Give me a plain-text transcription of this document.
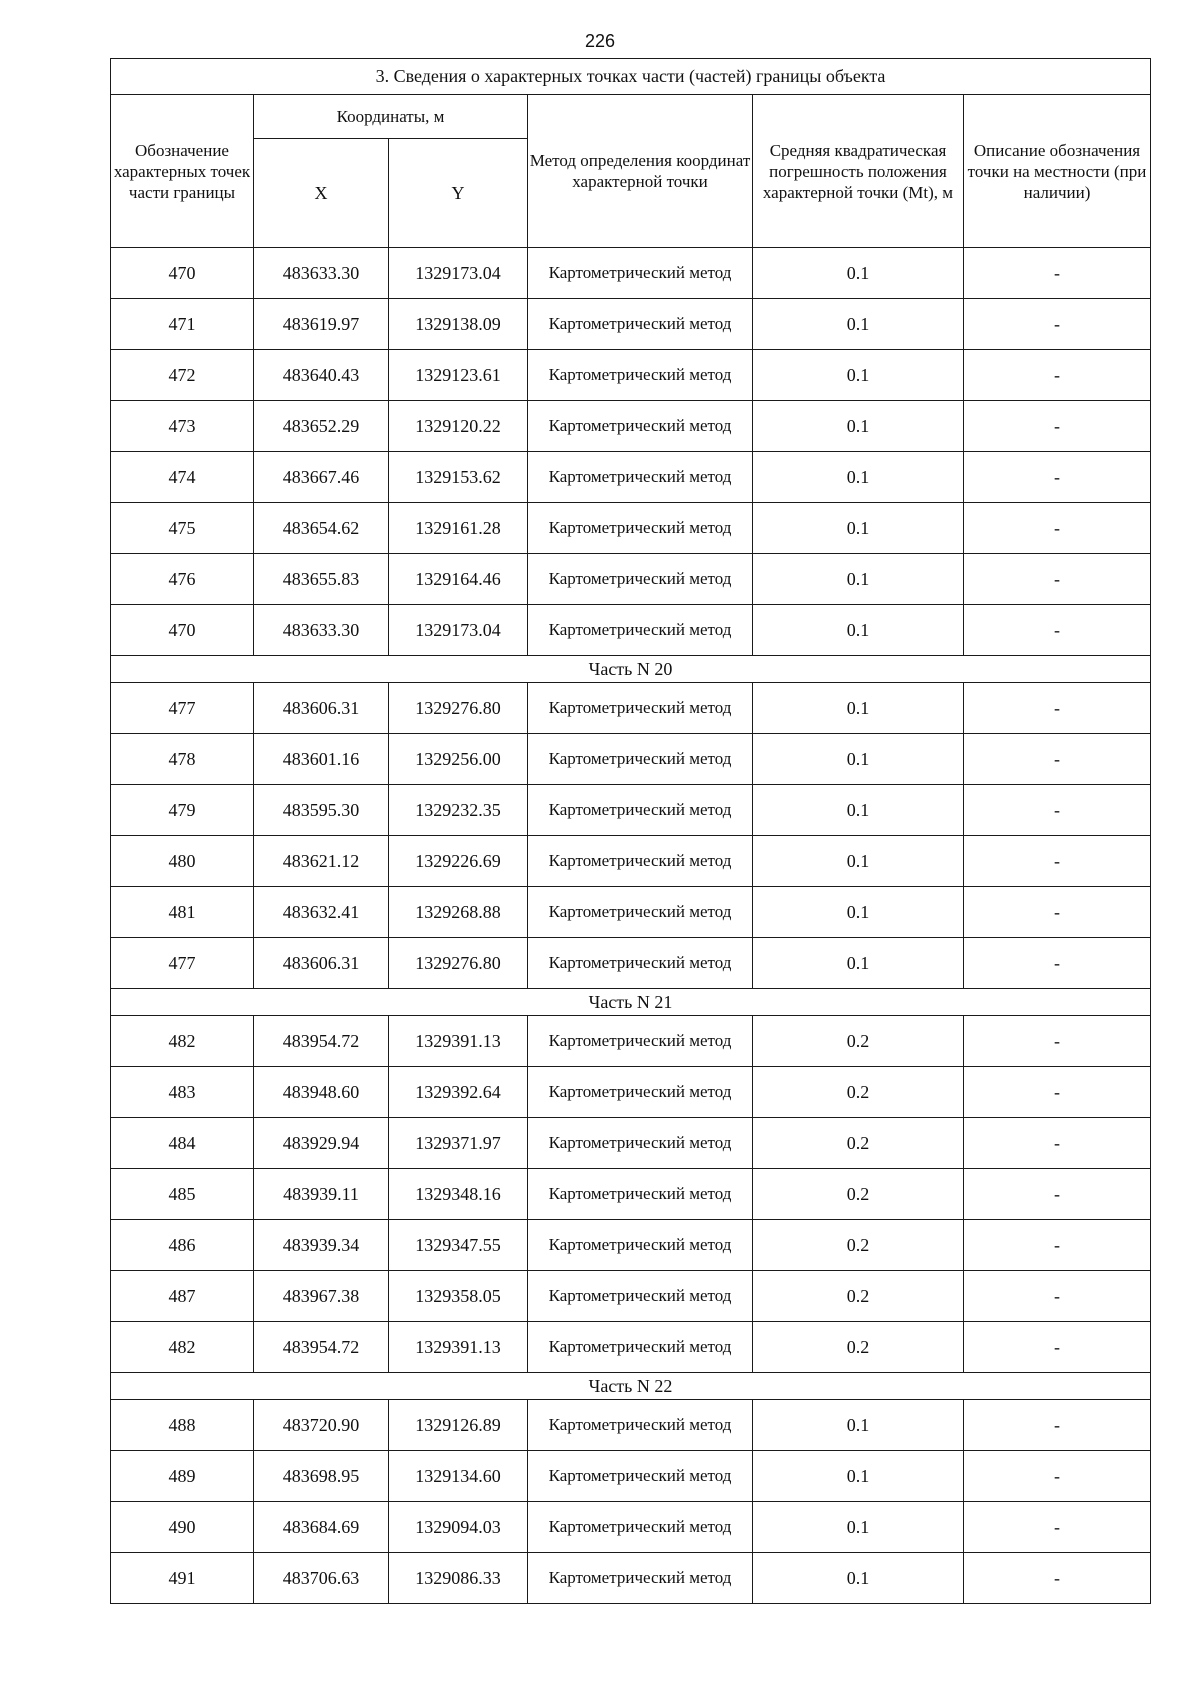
226
3. Сведения о характерных точках части (частей) границы объекта					
Обозначение характерных точек части границы	Координаты, м		Метод определения координат характерной точки	Средняя квадратическая погрешность положения характерной точки (Mt), м	Описание обозначения точки на местности (при наличии)
	X	Y			
470	483633.30	1329173.04	Картометрический метод	0.1	-
471	483619.97	1329138.09	Картометрический метод	0.1	-
472	483640.43	1329123.61	Картометрический метод	0.1	-
473	483652.29	1329120.22	Картометрический метод	0.1	-
474	483667.46	1329153.62	Картометрический метод	0.1	-
475	483654.62	1329161.28	Картометрический метод	0.1	-
476	483655.83	1329164.46	Картометрический метод	0.1	-
470	483633.30	1329173.04	Картометрический метод	0.1	-
Часть N 20					
477	483606.31	1329276.80	Картометрический метод	0.1	-
478	483601.16	1329256.00	Картометрический метод	0.1	-
479	483595.30	1329232.35	Картометрический метод	0.1	-
480	483621.12	1329226.69	Картометрический метод	0.1	-
481	483632.41	1329268.88	Картометрический метод	0.1	-
477	483606.31	1329276.80	Картометрический метод	0.1	-
Часть N 21					
482	483954.72	1329391.13	Картометрический метод	0.2	-
483	483948.60	1329392.64	Картометрический метод	0.2	-
484	483929.94	1329371.97	Картометрический метод	0.2	-
485	483939.11	1329348.16	Картометрический метод	0.2	-
486	483939.34	1329347.55	Картометрический метод	0.2	-
487	483967.38	1329358.05	Картометрический метод	0.2	-
482	483954.72	1329391.13	Картометрический метод	0.2	-
Часть N 22					
488	483720.90	1329126.89	Картометрический метод	0.1	-
489	483698.95	1329134.60	Картометрический метод	0.1	-
490	483684.69	1329094.03	Картометрический метод	0.1	-
491	483706.63	1329086.33	Картометрический метод	0.1	-
